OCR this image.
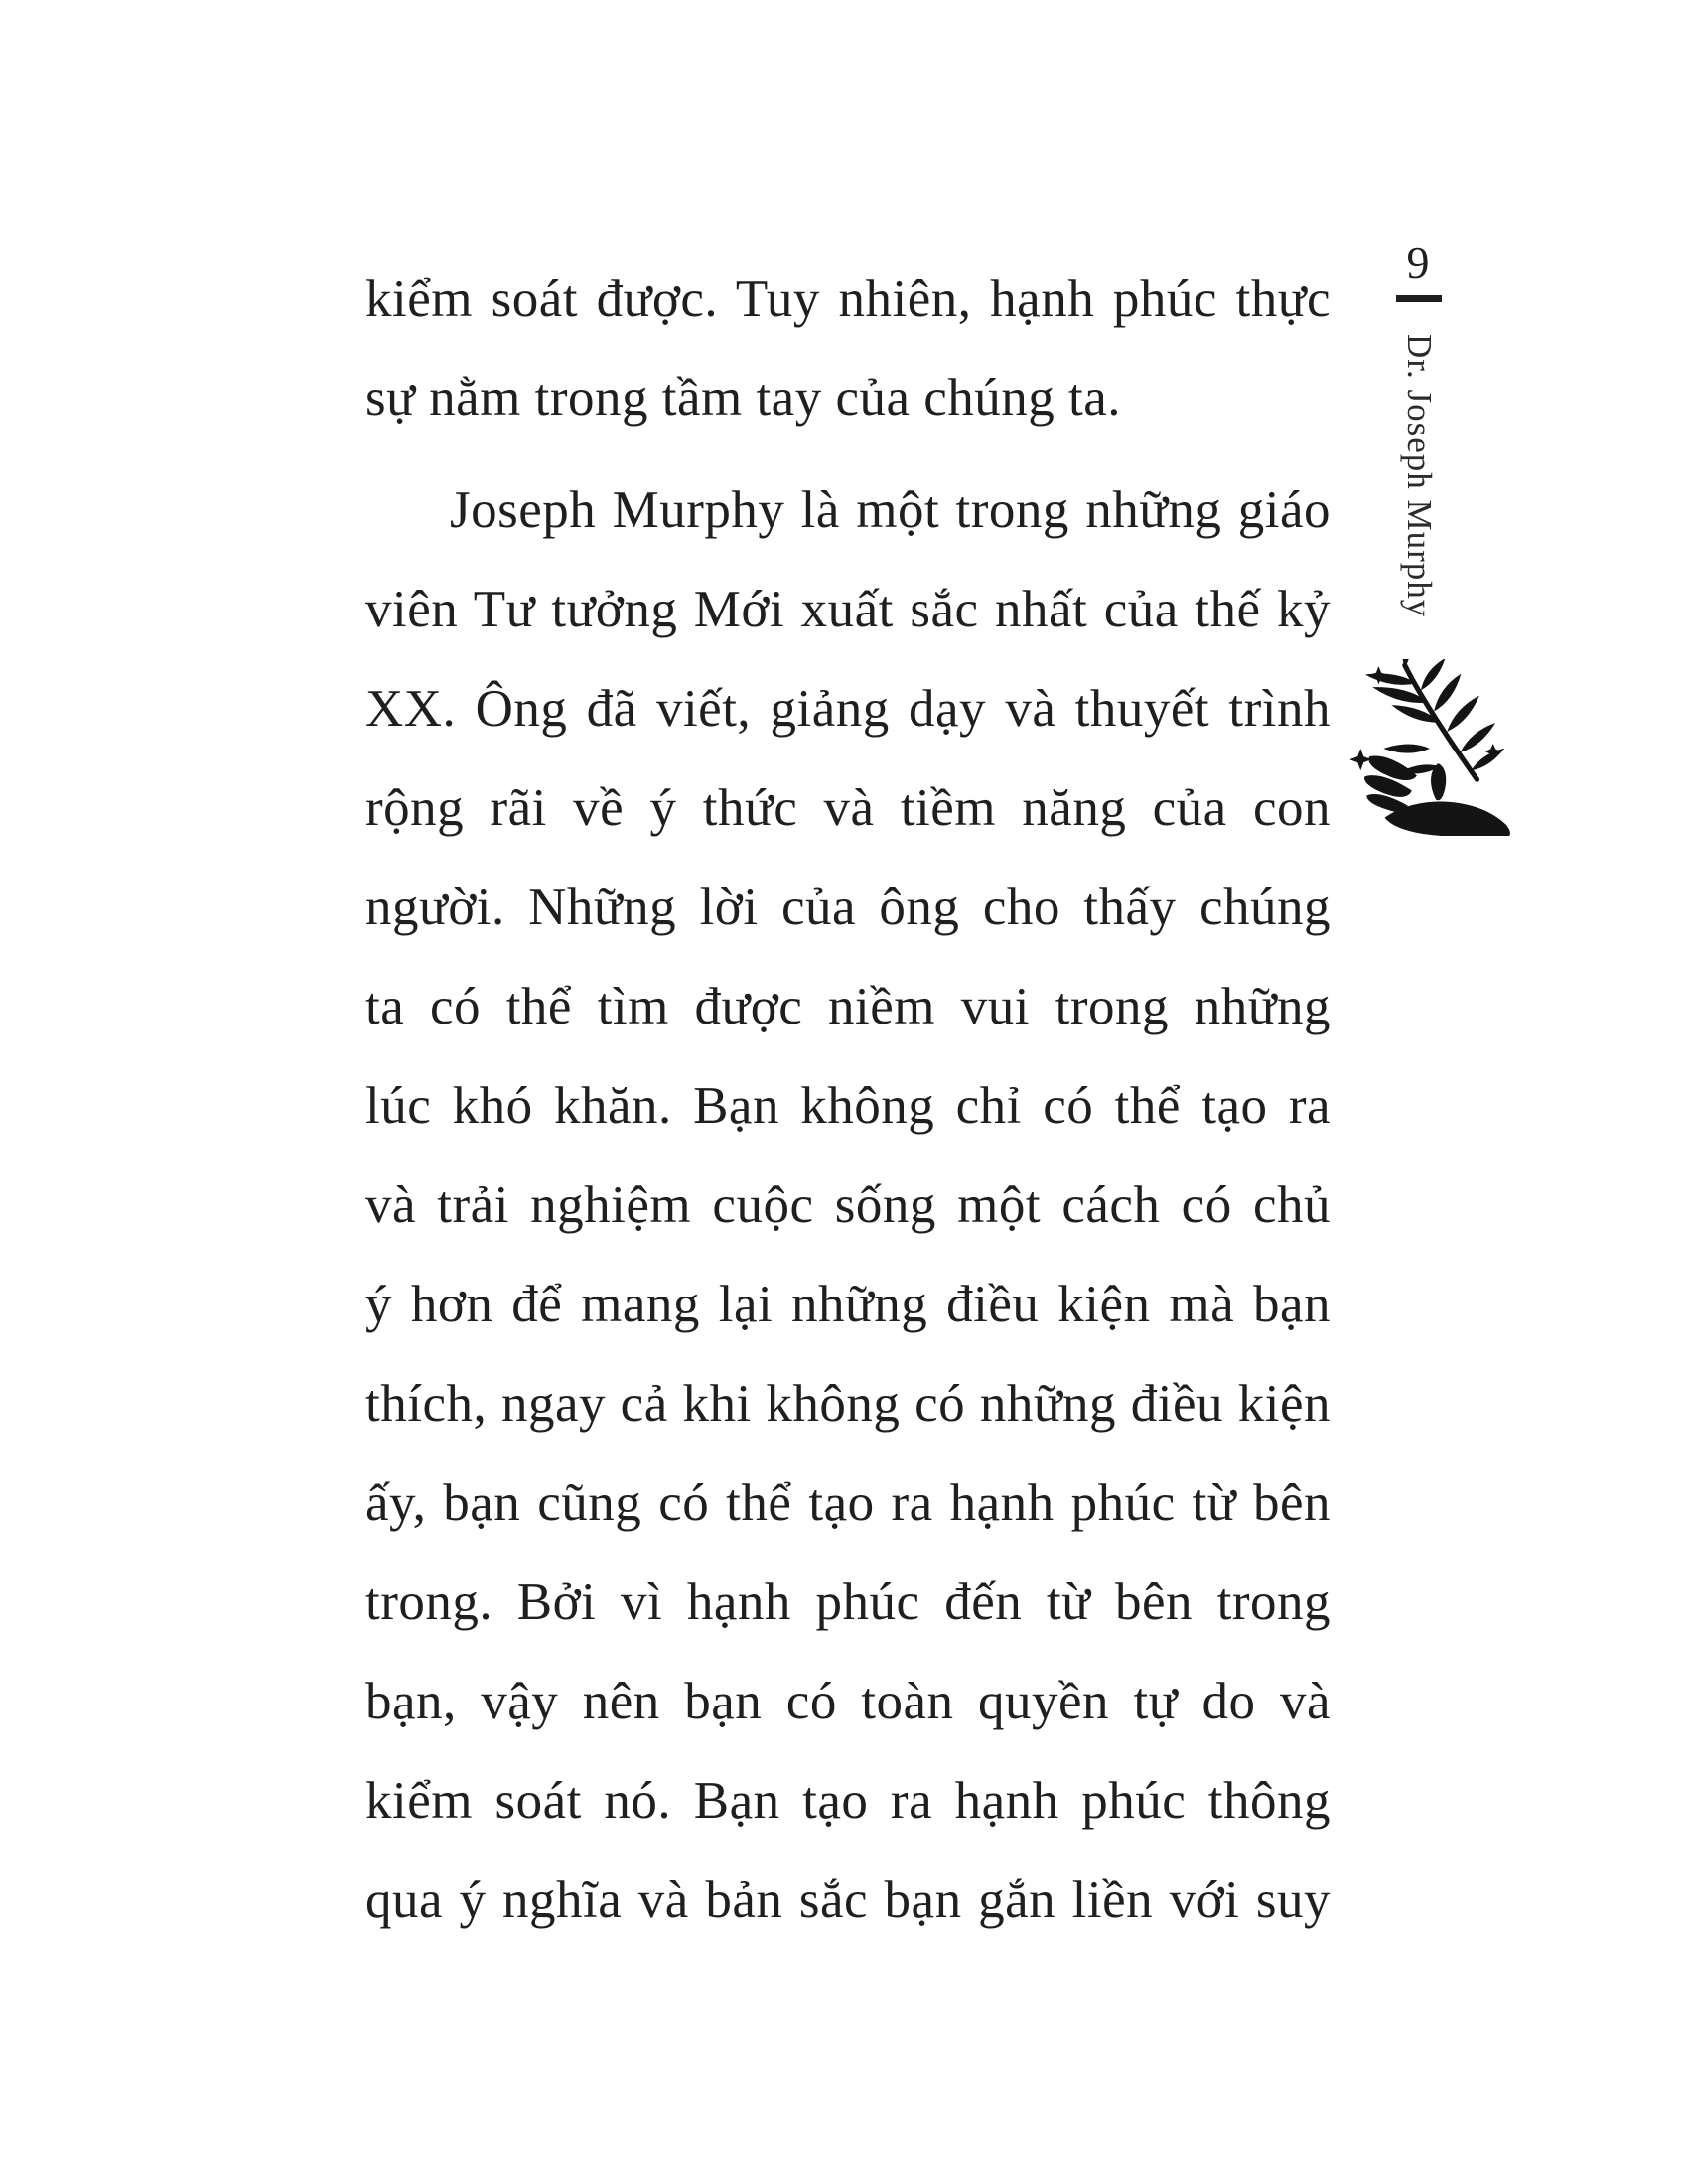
kiểm soát được. Tuy nhiên, hạnh phúc thực
sự nằm trong tầm tay của chúng ta.
Joseph Murphy là một trong những giáo
viên Tư tưởng Mới xuất sắc nhất của thế kỷ
XX. Ông đã viết, giảng dạy và thuyết trình
rộng rãi về ý thức và tiềm năng của con
người. Những lời của ông cho thấy chúng
ta có thể tìm được niềm vui trong những
lúc khó khăn. Bạn không chỉ có thể tạo ra
và trải nghiệm cuộc sống một cách có chủ
ý hơn để mang lại những điều kiện mà bạn
thích, ngay cả khi không có những điều kiện
ấy, bạn cũng có thể tạo ra hạnh phúc từ bên
trong. Bởi vì hạnh phúc đến từ bên trong
bạn, vậy nên bạn có toàn quyền tự do và
kiểm soát nó. Bạn tạo ra hạnh phúc thông
qua ý nghĩa và bản sắc bạn gắn liền với suy
9
Dr. Joseph Murphy
